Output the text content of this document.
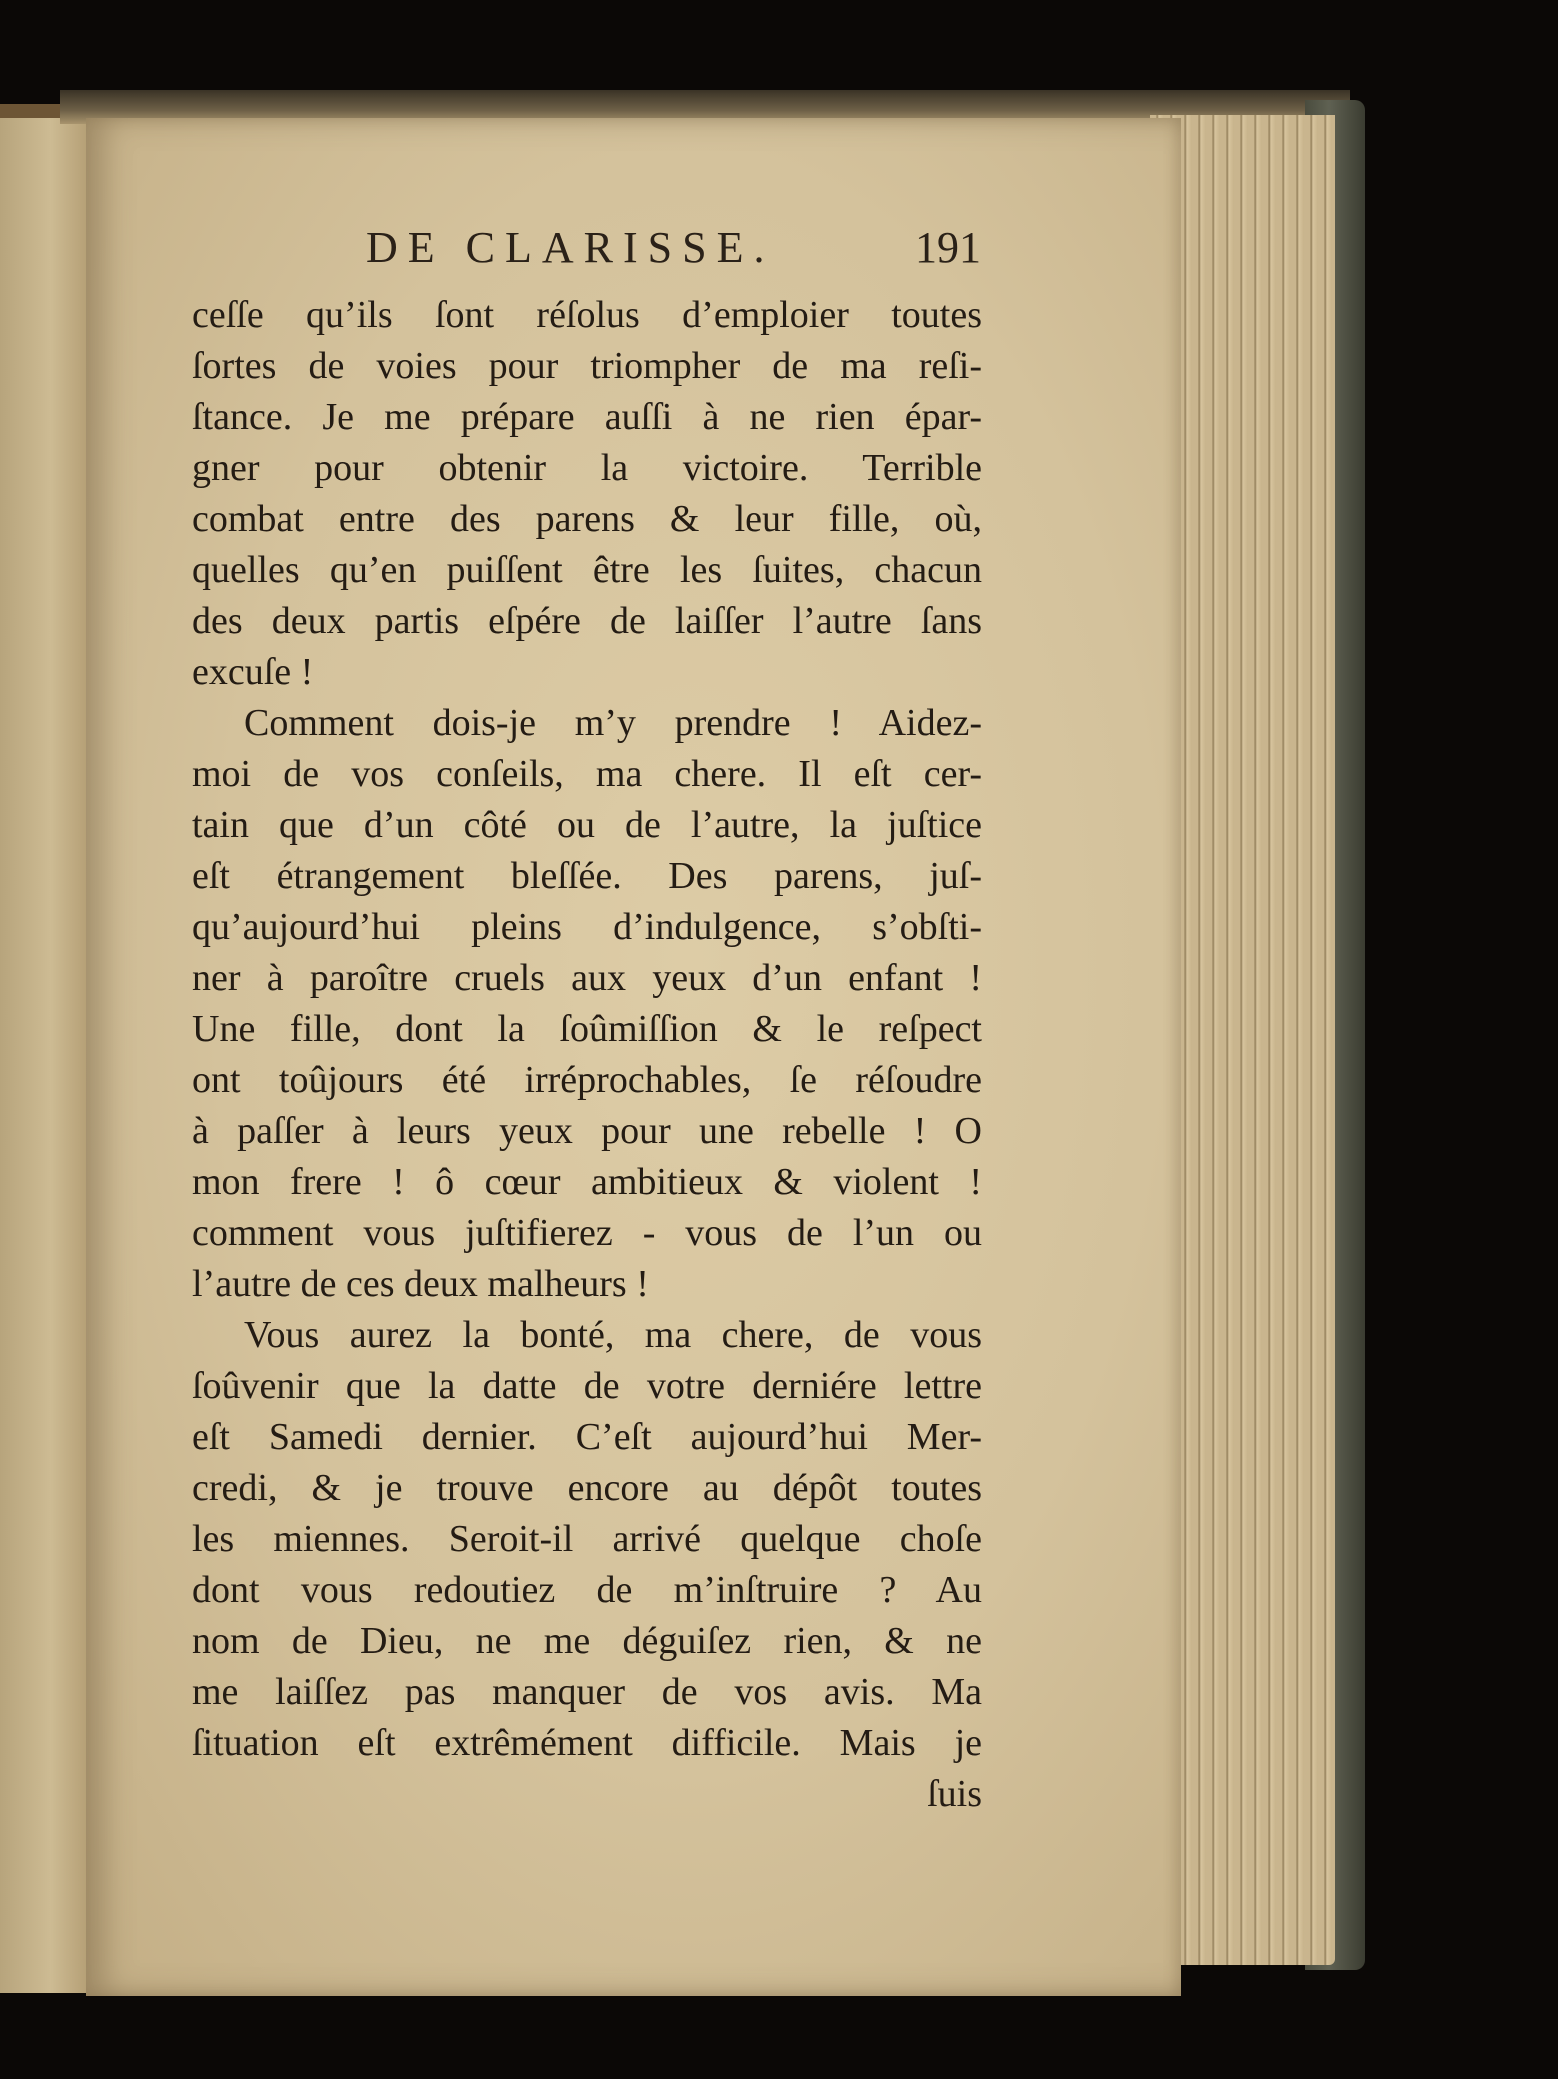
DE CLARISSE.	191
ceſſe qu’ils ſont réſolus d’emploier toutes
ſortes de voies pour triompher de ma reſi-
ſtance. Je me prépare auſſi à ne rien épar-
gner pour obtenir la victoire. Terrible
combat entre des parens & leur fille, où,
quelles qu’en puiſſent être les ſuites, chacun
des deux partis eſpére de laiſſer l’autre ſans
excuſe !
Comment dois-je m’y prendre ! Aidez-
moi de vos conſeils, ma chere. Il eſt cer-
tain que d’un côté ou de l’autre, la juſtice
eſt étrangement bleſſée. Des parens, juſ-
qu’aujourd’hui pleins d’indulgence, s’obſti-
ner à paroître cruels aux yeux d’un enfant !
Une fille, dont la ſoûmiſſion & le reſpect
ont toûjours été irréprochables, ſe réſoudre
à paſſer à leurs yeux pour une rebelle ! O
mon frere ! ô cœur ambitieux & violent !
comment vous juſtifierez - vous de l’un ou
l’autre de ces deux malheurs !
Vous aurez la bonté, ma chere, de vous
ſoûvenir que la datte de votre derniére lettre
eſt Samedi dernier. C’eſt aujourd’hui Mer-
credi, & je trouve encore au dépôt toutes
les miennes. Seroit-il arrivé quelque choſe
dont vous redoutiez de m’inſtruire ? Au
nom de Dieu, ne me déguiſez rien, & ne
me laiſſez pas manquer de vos avis. Ma
ſituation eſt extrêmément difficile. Mais je
ſuis
